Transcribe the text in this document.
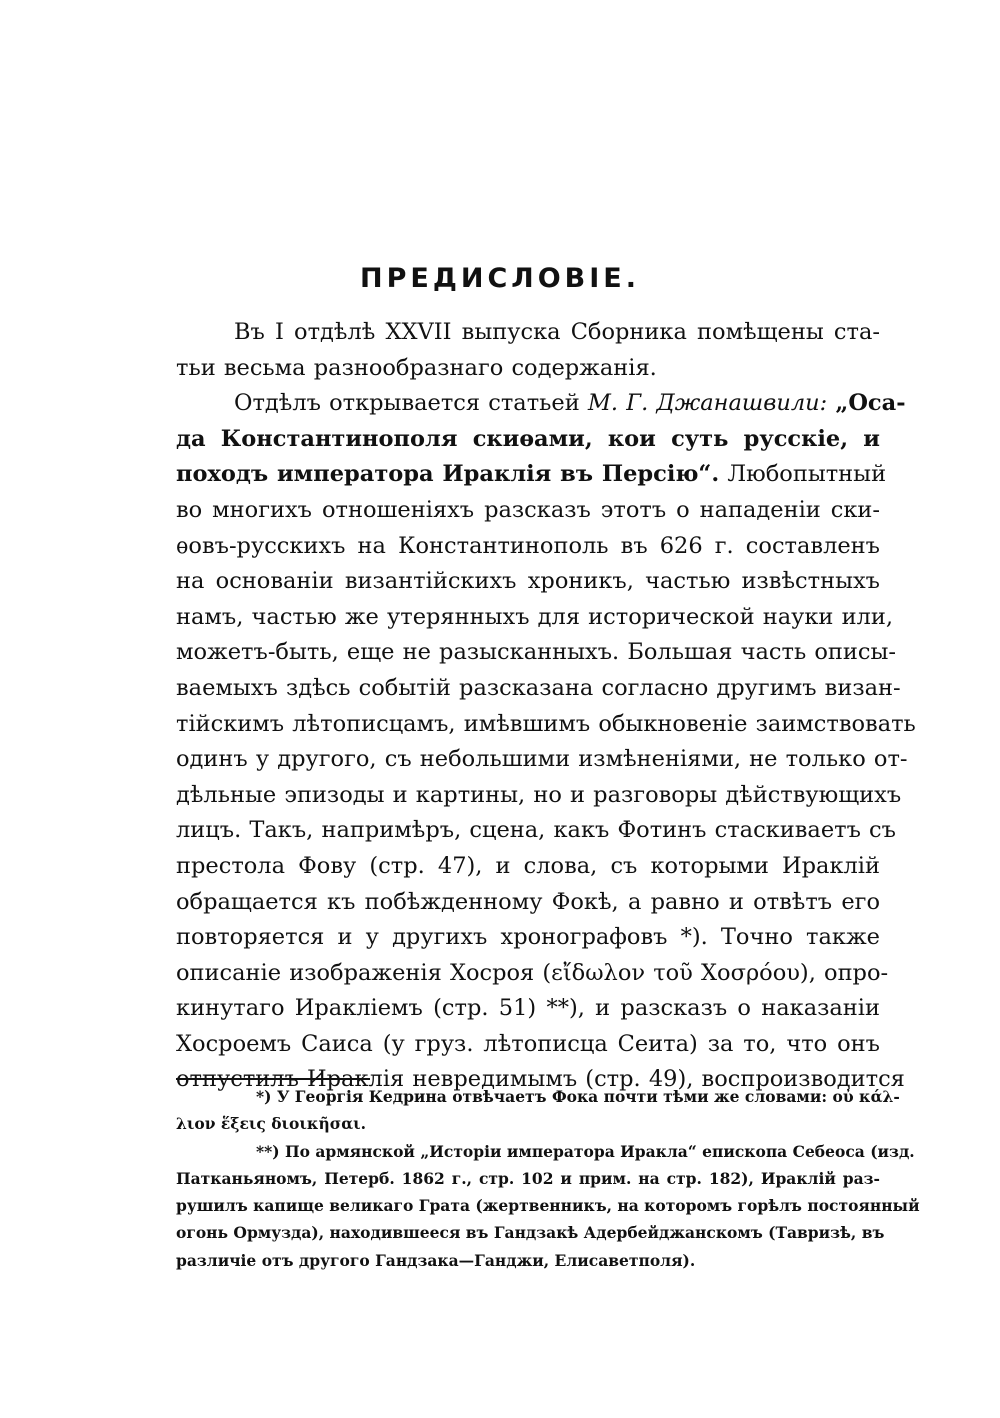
ПРЕДИСЛОВIЕ.
Въ I отдѣлѣ XXVII выпуска Сборника помѣщены ста-
тьи весьма разнообразнаго содержанія.
Отдѣлъ открывается статьей М. Г. Джанашвили: „Оса-
да Константинополя скиѳами, кои суть русскіе, и
походъ императора Ираклія въ Персію“. Любопытный
во многихъ отношеніяхъ разсказъ этотъ о нападеніи ски-
ѳовъ-русскихъ на Константинополь въ 626 г. составленъ
на основаніи византійскихъ хроникъ, частью извѣстныхъ
намъ, частью же утерянныхъ для исторической науки или,
можетъ-быть, еще не разысканныхъ. Большая часть описы-
ваемыхъ здѣсь событій разсказана согласно другимъ визан-
тійскимъ лѣтописцамъ, имѣвшимъ обыкновеніе заимствовать
одинъ у другого, съ небольшими измѣненіями, не только от-
дѣльные эпизоды и картины, но и разговоры дѣйствующихъ
лицъ. Такъ, напримѣръ, сцена, какъ Фотинъ стаскиваетъ съ
престола Фову (стр. 47), и слова, съ которыми Ираклій
обращается къ побѣжденному Фокѣ, а равно и отвѣтъ его
повторяется и у другихъ хронографовъ *). Точно также
описаніе изображенія Хосроя (εἴδωλον τοῦ Χοσρόου), опро-
кинутаго Ираклiемъ (стр. 51) **), и разсказъ о наказаніи
Хосроемъ Саиса (у груз. лѣтописца Сеита) за то, что онъ
отпустилъ Ираклія невредимымъ (стр. 49), воспроизводится
*) У Георгія Кедрина отвѣчаетъ Фока почти тѣми же словами: οὐ κάλ-
λιον ἕξεις διοικῆσαι.
**) По армянской „Исторіи императора Иракла“ епископа Себеоса (изд.
Патканьяномъ, Петерб. 1862 г., стр. 102 и прим. на стр. 182), Ираклій раз-
рушилъ капище великаго Грата (жертвенникъ, на которомъ горѣлъ постоянный
огонь Ормузда), находившееся въ Гандзакѣ Адербейджанскомъ (Тавризѣ, въ
различіе отъ другого Гандзака—Ганджи, Елисаветполя).
